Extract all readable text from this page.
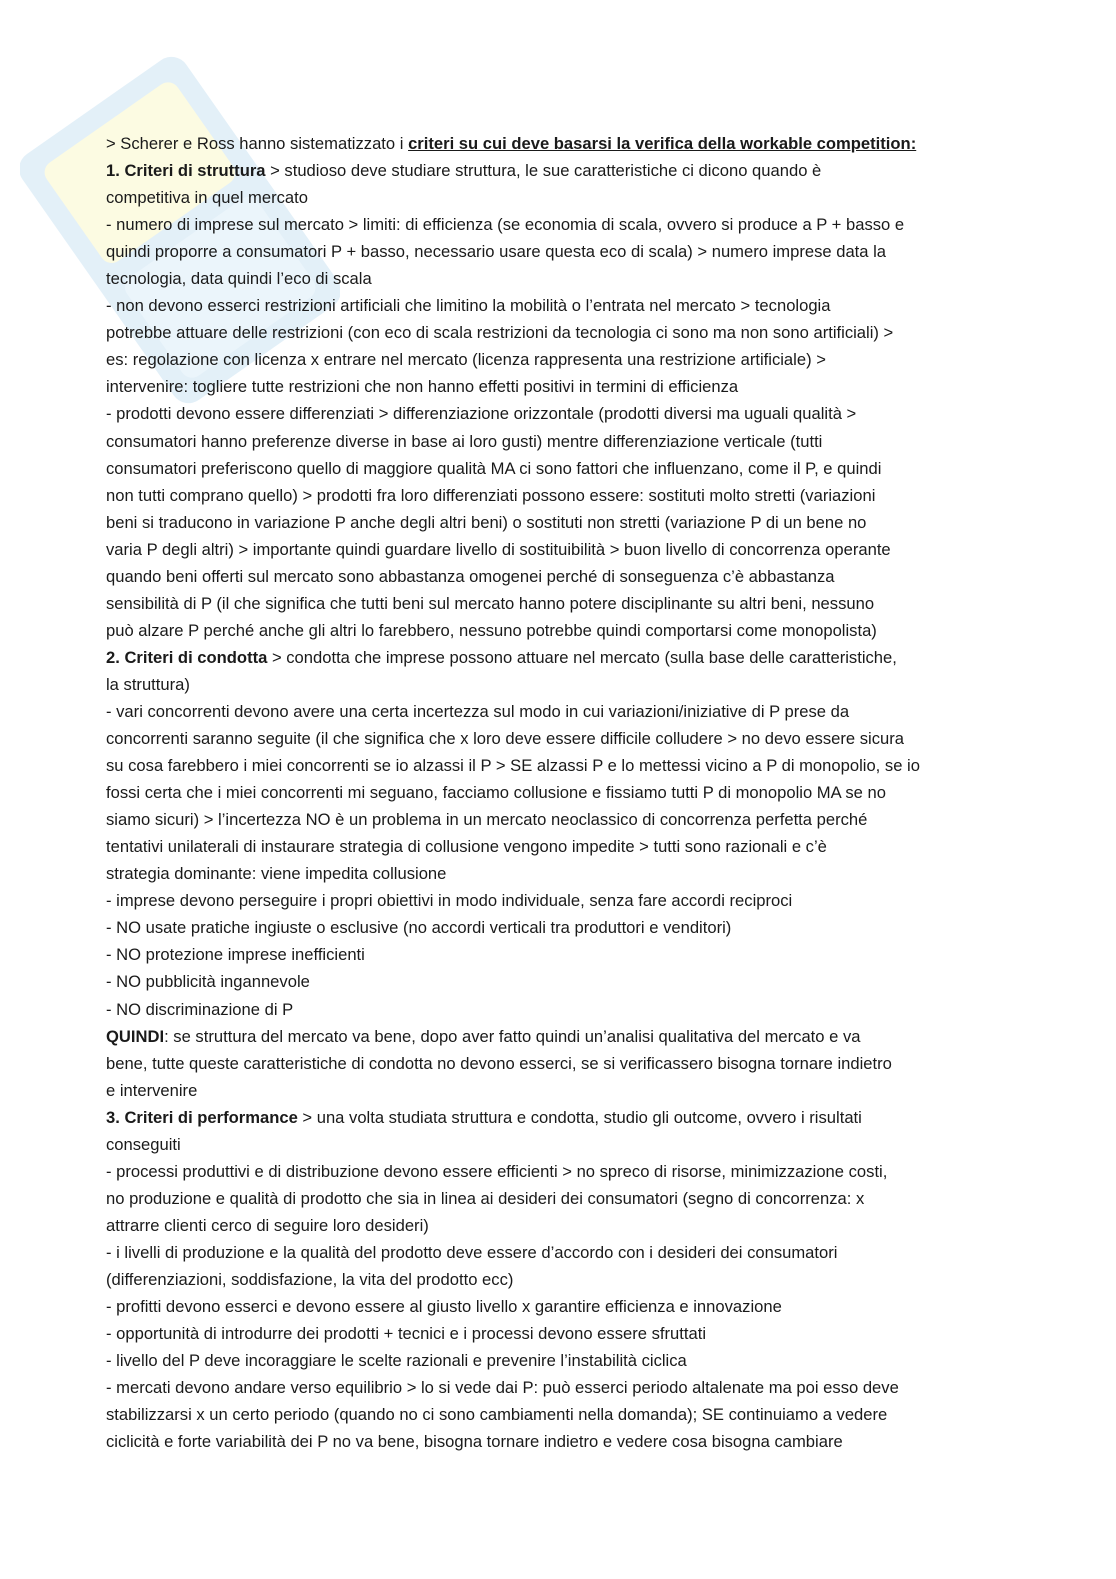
> Scherer e Ross hanno sistematizzato i criteri su cui deve basarsi la verifica della workable competition:
1. Criteri di struttura > studioso deve studiare struttura, le sue caratteristiche ci dicono quando è
competitiva in quel mercato
- numero di imprese sul mercato > limiti: di efficienza (se economia di scala, ovvero si produce a P + basso e
quindi proporre a consumatori P + basso, necessario usare questa eco di scala) > numero imprese data la
tecnologia, data quindi l’eco di scala
- non devono esserci restrizioni artificiali che limitino la mobilità o l’entrata nel mercato > tecnologia
potrebbe attuare delle restrizioni (con eco di scala restrizioni da tecnologia ci sono ma non sono artificiali) >
es: regolazione con licenza x entrare nel mercato (licenza rappresenta una restrizione artificiale) >
intervenire: togliere tutte restrizioni che non hanno effetti positivi in termini di efficienza
- prodotti devono essere differenziati > differenziazione orizzontale (prodotti diversi ma uguali qualità >
consumatori hanno preferenze diverse in base ai loro gusti) mentre differenziazione verticale (tutti
consumatori preferiscono quello di maggiore qualità MA ci sono fattori che influenzano, come il P, e quindi
non tutti comprano quello) > prodotti fra loro differenziati possono essere: sostituti molto stretti (variazioni
beni si traducono in variazione P anche degli altri beni) o sostituti non stretti (variazione P di un bene no
varia P degli altri) > importante quindi guardare livello di sostituibilità > buon livello di concorrenza operante
quando beni offerti sul mercato sono abbastanza omogenei perché di sonseguenza c’è abbastanza
sensibilità di P (il che significa che tutti beni sul mercato hanno potere disciplinante su altri beni, nessuno
può alzare P perché anche gli altri lo farebbero, nessuno potrebbe quindi comportarsi come monopolista)
2. Criteri di condotta > condotta che imprese possono attuare nel mercato (sulla base delle caratteristiche,
la struttura)
- vari concorrenti devono avere una certa incertezza sul modo in cui variazioni/iniziative di P prese da
concorrenti saranno seguite (il che significa che x loro deve essere difficile colludere > no devo essere sicura
su cosa farebbero i miei concorrenti se io alzassi il P > SE alzassi P e lo mettessi vicino a P di monopolio, se io
fossi certa che i miei concorrenti mi seguano, facciamo collusione e fissiamo tutti P di monopolio MA se no
siamo sicuri) > l’incertezza NO è un problema in un mercato neoclassico di concorrenza perfetta perché
tentativi unilaterali di instaurare strategia di collusione vengono impedite > tutti sono razionali e c’è
strategia dominante: viene impedita collusione
- imprese devono perseguire i propri obiettivi in modo individuale, senza fare accordi reciproci
- NO usate pratiche ingiuste o esclusive (no accordi verticali tra produttori e venditori)
- NO protezione imprese inefficienti
- NO pubblicità ingannevole
- NO discriminazione di P
QUINDI: se struttura del mercato va bene, dopo aver fatto quindi un’analisi qualitativa del mercato e va
bene, tutte queste caratteristiche di condotta no devono esserci, se si verificassero bisogna tornare indietro
e intervenire
3. Criteri di performance > una volta studiata struttura e condotta, studio gli outcome, ovvero i risultati
conseguiti
- processi produttivi e di distribuzione devono essere efficienti > no spreco di risorse, minimizzazione costi,
no produzione e qualità di prodotto che sia in linea ai desideri dei consumatori (segno di concorrenza: x
attrarre clienti cerco di seguire loro desideri)
- i livelli di produzione e la qualità del prodotto deve essere d’accordo con i desideri dei consumatori
(differenziazioni, soddisfazione, la vita del prodotto ecc)
- profitti devono esserci e devono essere al giusto livello x garantire efficienza e innovazione
- opportunità di introdurre dei prodotti + tecnici e i processi devono essere sfruttati
- livello del P deve incoraggiare le scelte razionali e prevenire l’instabilità ciclica
- mercati devono andare verso equilibrio > lo si vede dai P: può esserci periodo altalenate ma poi esso deve
stabilizzarsi x un certo periodo (quando no ci sono cambiamenti nella domanda); SE continuiamo a vedere
ciclicità e forte variabilità dei P no va bene, bisogna tornare indietro e vedere cosa bisogna cambiare
